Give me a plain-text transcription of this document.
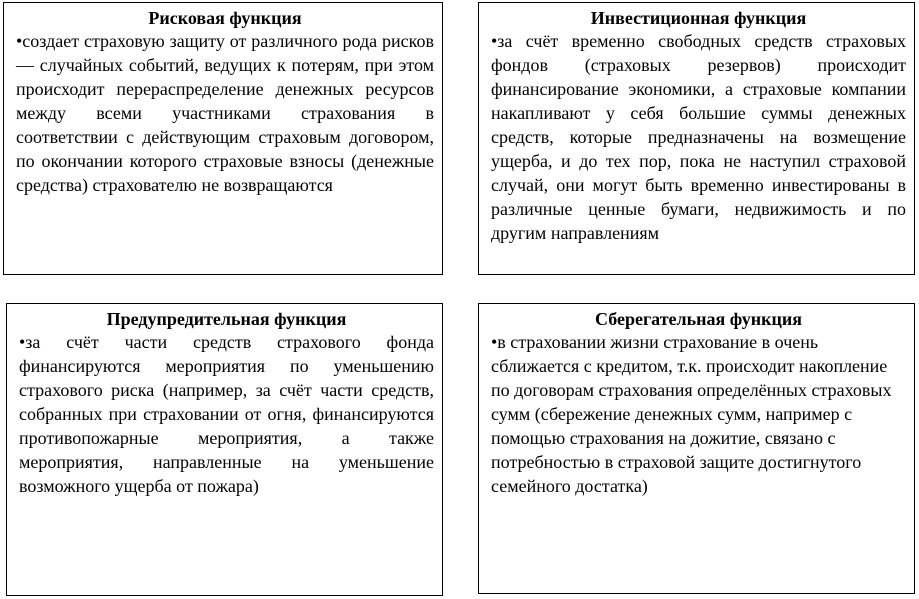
Рисковая функция

•создает страховую защиту от различного рода рисков — случайных событий, ведущих к потерям, при этом происходит перераспределение денежных ресурсов между всеми участниками страхования в соответствии с действующим страховым договором, по окончании которого страховые взносы (денежные средства) страхователю не возвращаются

Инвестиционная функция

•за счёт временно свободных средств страховых фондов (страховых резервов) происходит финансирование экономики, а страховые компании накапливают у себя большие суммы денежных средств, которые предназначены на возмещение ущерба, и до тех пор, пока не наступил страховой случай, они могут быть временно инвестированы в различные ценные бумаги, недвижимость и по другим направлениям

Предупредительная функция

•за счёт части средств страхового фонда финансируются мероприятия по уменьшению страхового риска (например, за счёт части средств, собранных при страховании от огня, финансируются противопожарные мероприятия, а также мероприятия, направленные на уменьшение возможного ущерба от пожара)

Сберегательная функция

•в страховании жизни страхование в очень сближается с кредитом, т.к. происходит накопление по договорам страхования определённых страховых сумм (сбережение денежных сумм, например с помощью страхования на дожитие, связано с потребностью в страховой защите достигнутого семейного достатка)
